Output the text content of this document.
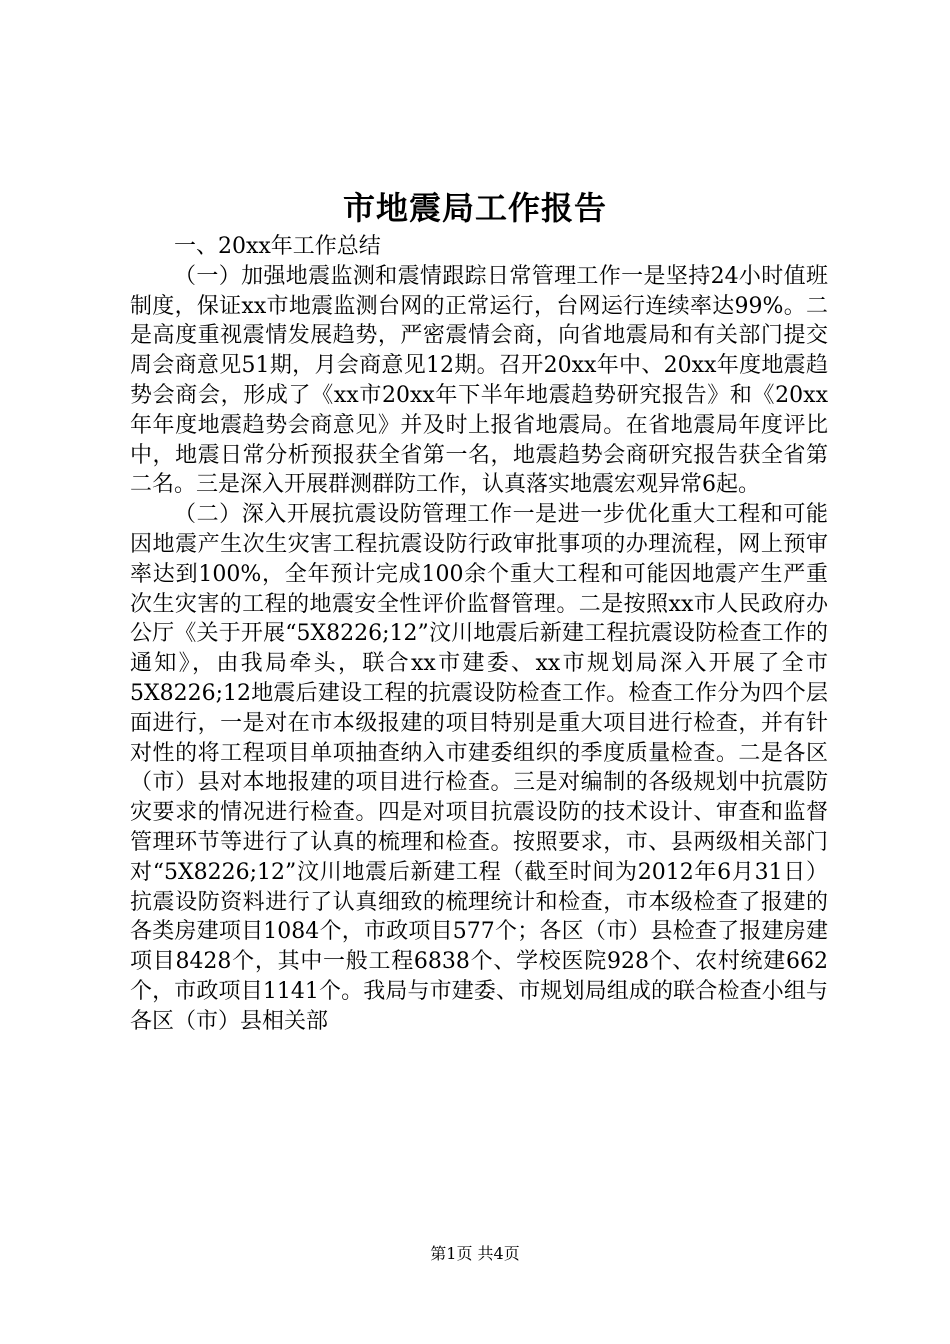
市地震局工作报告

一、20xx年工作总结

（一）加强地震监测和震情跟踪日常管理工作一是坚持24小时值班制度，保证xx市地震监测台网的正常运行，台网运行连续率达99%。二是高度重视震情发展趋势，严密震情会商，向省地震局和有关部门提交周会商意见51期，月会商意见12期。召开20xx年中、20xx年度地震趋势会商会，形成了《xx市20xx年下半年地震趋势研究报告》和《20xx年年度地震趋势会商意见》并及时上报省地震局。在省地震局年度评比中，地震日常分析预报获全省第一名，地震趋势会商研究报告获全省第二名。三是深入开展群测群防工作，认真落实地震宏观异常6起。

（二）深入开展抗震设防管理工作一是进一步优化重大工程和可能因地震产生次生灾害工程抗震设防行政审批事项的办理流程，网上预审率达到100%，全年预计完成100余个重大工程和可能因地震产生严重次生灾害的工程的地震安全性评价监督管理。二是按照xx市人民政府办公厅《关于开展“5X8226;12”汶川地震后新建工程抗震设防检查工作的通知》，由我局牵头，联合xx市建委、xx市规划局深入开展了全市5X8226;12地震后建设工程的抗震设防检查工作。检查工作分为四个层面进行，一是对在市本级报建的项目特别是重大项目进行检查，并有针对性的将工程项目单项抽查纳入市建委组织的季度质量检查。二是各区（市）县对本地报建的项目进行检查。三是对编制的各级规划中抗震防灾要求的情况进行检查。四是对项目抗震设防的技术设计、审查和监督管理环节等进行了认真的梳理和检查。按照要求，市、县两级相关部门对“5X8226;12”汶川地震后新建工程（截至时间为2012年6月31日）抗震设防资料进行了认真细致的梳理统计和检查，市本级检查了报建的各类房建项目1084个，市政项目577个；各区（市）县检查了报建房建项目8428个，其中一般工程6838个、学校医院928个、农村统建662个，市政项目1141个。我局与市建委、市规划局组成的联合检查小组与各区（市）县相关部

第1页 共4页
